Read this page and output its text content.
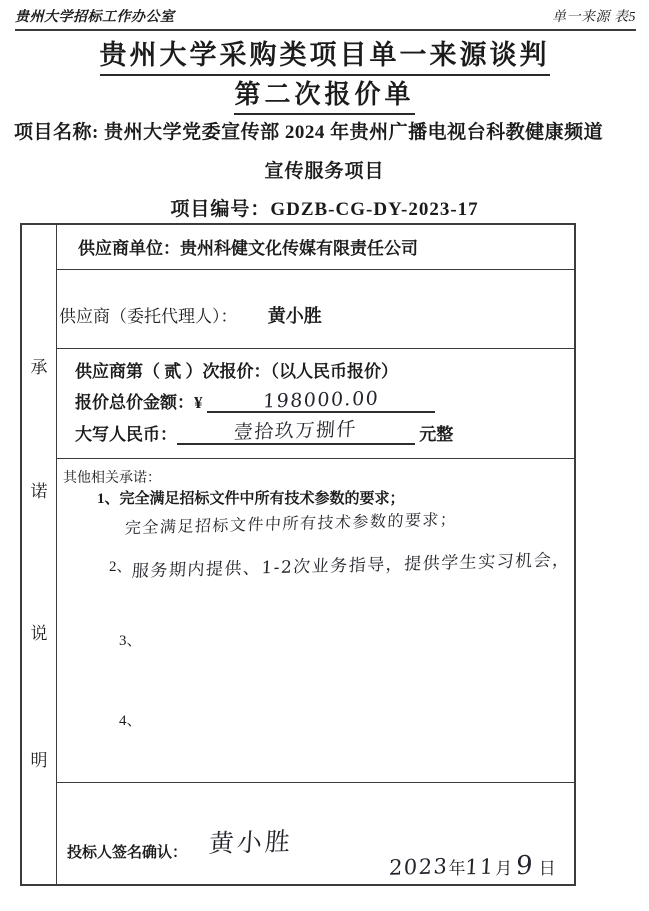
贵州大学招标工作办公室	单一来源 表5
贵州大学采购类项目单一来源谈判
第二次报价单
项目名称: 贵州大学党委宣传部 2024 年贵州广播电视台科教健康频道
宣传服务项目
项目编号：GDZB-CG-DY-2023-17
承
诺
说
明
供应商单位：贵州科健文化传媒有限责任公司
供应商（委托代理人）： 黄小胜
供应商第（ 贰 ）次报价：（以人民币报价）
报价总价金额：¥	198000.00
大写人民币：	壹拾玖万捌仟	元整
其他相关承诺：
1、完全满足招标文件中所有技术参数的要求；
完全满足招标文件中所有技术参数的要求；
2、服务期内提供、1-2次业务指导，提供学生实习机会，
3、
4、
投标人签名确认： 黄小胜
2023年11月 9 日
